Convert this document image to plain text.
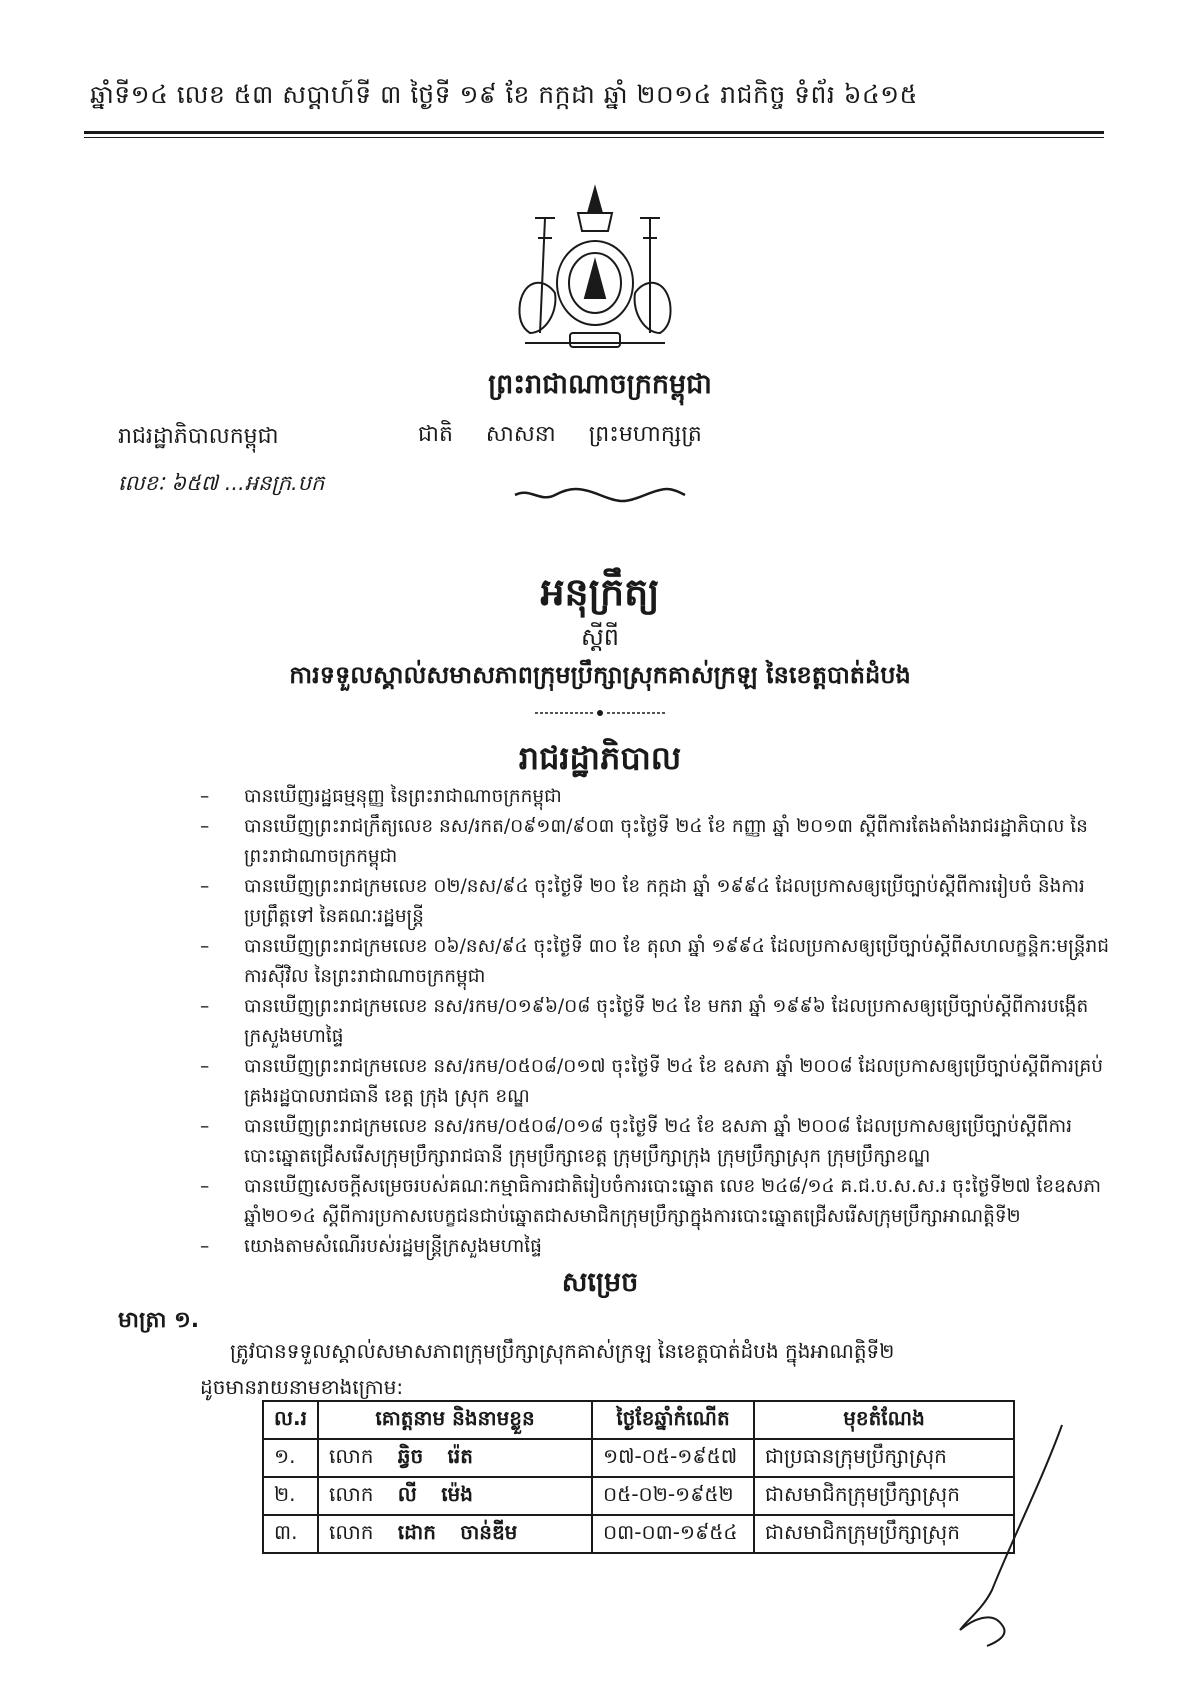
ឆ្នាំទី១៤ លេខ ៥៣ សប្ដាហ៍ទី ៣ ថ្ងៃទី ១៩ ខែ កក្កដា ឆ្នាំ ២០១៤ រាជកិច្ច ទំព័រ ៦៤១៥
ព្រះរាជាណាចក្រកម្ពុជា
រាជរដ្ឋាភិបាលកម្ពុជា	ជាតិ សាសនា ព្រះមហាក្សត្រ
លេខៈ ៦៥៧ ...អនក្រ.បក
អនុក្រឹត្យ
ស្ដីពី
ការទទួលស្គាល់សមាសភាពក្រុមប្រឹក្សាស្រុកគាស់ក្រឡ នៃខេត្តបាត់ដំបង
រាជរដ្ឋាភិបាល
– បានឃើញរដ្ឋធម្មនុញ្ញ នៃព្រះរាជាណាចក្រកម្ពុជា
– បានឃើញព្រះរាជក្រឹត្យលេខ នស/រកត/០៩១៣/៩០៣ ចុះថ្ងៃទី ២៤ ខែ កញ្ញា ឆ្នាំ ២០១៣ ស្ដីពីការតែងតាំងរាជរដ្ឋាភិបាល នៃព្រះរាជាណាចក្រកម្ពុជា
– បានឃើញព្រះរាជក្រមលេខ ០២/នស/៩៤ ចុះថ្ងៃទី ២០ ខែ កក្កដា ឆ្នាំ ១៩៩៤ ដែលប្រកាសឲ្យប្រើច្បាប់ស្ដីពីការរៀបចំ និងការប្រព្រឹត្តទៅ នៃគណៈរដ្ឋមន្ត្រី
– បានឃើញព្រះរាជក្រមលេខ ០៦/នស/៩៤ ចុះថ្ងៃទី ៣០ ខែ តុលា ឆ្នាំ ១៩៩៤ ដែលប្រកាសឲ្យប្រើច្បាប់ស្ដីពីសហលក្ខន្តិកៈមន្ត្រីរាជការស៊ីវិល នៃព្រះរាជាណាចក្រកម្ពុជា
– បានឃើញព្រះរាជក្រមលេខ នស/រកម/០១៩៦/០៨ ចុះថ្ងៃទី ២៤ ខែ មករា ឆ្នាំ ១៩៩៦ ដែលប្រកាសឲ្យប្រើច្បាប់ស្ដីពីការបង្កើតក្រសួងមហាផ្ទៃ
– បានឃើញព្រះរាជក្រមលេខ នស/រកម/០៥០៨/០១៧ ចុះថ្ងៃទី ២៤ ខែ ឧសភា ឆ្នាំ ២០០៨ ដែលប្រកាសឲ្យប្រើច្បាប់ស្ដីពីការគ្រប់គ្រងរដ្ឋបាលរាជធានី ខេត្ត ក្រុង ស្រុក ខណ្ឌ
– បានឃើញព្រះរាជក្រមលេខ នស/រកម/០៥០៨/០១៨ ចុះថ្ងៃទី ២៤ ខែ ឧសភា ឆ្នាំ ២០០៨ ដែលប្រកាសឲ្យប្រើច្បាប់ស្ដីពីការបោះឆ្នោតជ្រើសរើសក្រុមប្រឹក្សារាជធានី ក្រុមប្រឹក្សាខេត្ត ក្រុមប្រឹក្សាក្រុង ក្រុមប្រឹក្សាស្រុក ក្រុមប្រឹក្សាខណ្ឌ
– បានឃើញសេចក្ដីសម្រេចរបស់គណៈកម្មាធិការជាតិរៀបចំការបោះឆ្នោត លេខ ២៤៨/១៤ គ.ជ.ប.ស.ស.រ ចុះថ្ងៃទី២៧ ខែឧសភា ឆ្នាំ២០១៤ ស្ដីពីការប្រកាសបេក្ខជនជាប់ឆ្នោតជាសមាជិកក្រុមប្រឹក្សាក្នុងការបោះឆ្នោតជ្រើសរើសក្រុមប្រឹក្សាអាណត្តិទី២
– យោងតាមសំណើរបស់រដ្ឋមន្ត្រីក្រសួងមហាផ្ទៃ
សម្រេច
មាត្រា ១.
ត្រូវបានទទួលស្គាល់សមាសភាពក្រុមប្រឹក្សាស្រុកគាស់ក្រឡ នៃខេត្តបាត់ដំបង ក្នុងអាណត្តិទី២
ដូចមានរាយនាមខាងក្រោម:
ល.រ	គោត្តនាម និងនាមខ្លួន	ថ្ងៃខែឆ្នាំកំណើត	មុខតំណែង
១.	លោក ឆ្វិច រ៉េត	១៧-០៥-១៩៥៧	ជាប្រធានក្រុមប្រឹក្សាស្រុក
២.	លោក លី ម៉េង	០៥-០២-១៩៥២	ជាសមាជិកក្រុមប្រឹក្សាស្រុក
៣.	លោក ដោក ចាន់ឌីម	០៣-០៣-១៩៥៤	ជាសមាជិកក្រុមប្រឹក្សាស្រុក
